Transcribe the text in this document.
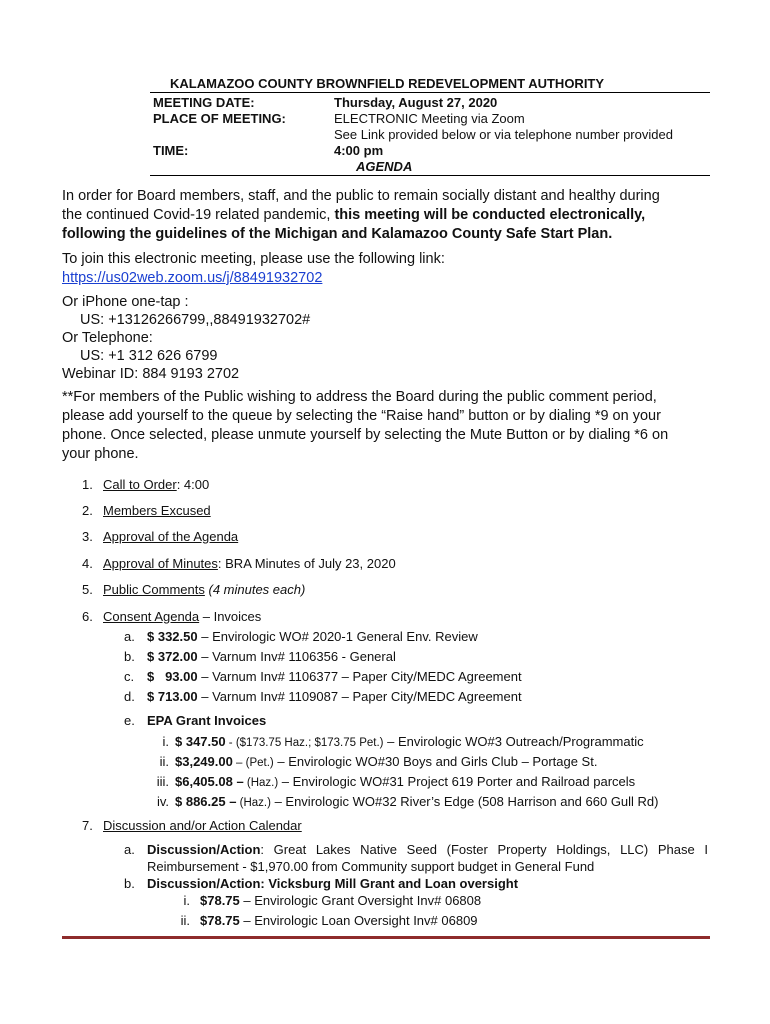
KALAMAZOO COUNTY BROWNFIELD REDEVELOPMENT AUTHORITY
MEETING DATE:	Thursday, August 27, 2020
PLACE OF MEETING:	ELECTRONIC Meeting via Zoom
See Link provided below or via telephone number provided
TIME:	4:00 pm
AGENDA
In order for Board members, staff, and the public to remain socially distant and healthy during
the continued Covid-19 related pandemic, this meeting will be conducted electronically,
following the guidelines of the Michigan and Kalamazoo County Safe Start Plan.
To join this electronic meeting, please use the following link:
https://us02web.zoom.us/j/88491932702
Or iPhone one-tap :
US: +13126266799,,88491932702#
Or Telephone:
US: +1 312 626 6799
Webinar ID: 884 9193 2702
**For members of the Public wishing to address the Board during the public comment period,
please add yourself to the queue by selecting the “Raise hand” button or by dialing *9 on your
phone. Once selected, please unmute yourself by selecting the Mute Button or by dialing *6 on
your phone.
1. Call to Order: 4:00
2. Members Excused
3. Approval of the Agenda
4. Approval of Minutes: BRA Minutes of July 23, 2020
5. Public Comments (4 minutes each)
6. Consent Agenda – Invoices
a. $ 332.50 – Envirologic WO# 2020-1 General Env. Review
b. $ 372.00 – Varnum Inv# 1106356 - General
c. $   93.00 – Varnum Inv# 1106377 – Paper City/MEDC Agreement
d. $ 713.00 – Varnum Inv# 1109087 – Paper City/MEDC Agreement
e. EPA Grant Invoices
i. $ 347.50 - ($173.75 Haz.; $173.75 Pet.) – Envirologic WO#3 Outreach/Programmatic
ii. $3,249.00 – (Pet.) – Envirologic WO#30 Boys and Girls Club – Portage St.
iii. $6,405.08 – (Haz.) – Envirologic WO#31 Project 619 Porter and Railroad parcels
iv. $ 886.25 – (Haz.) – Envirologic WO#32 River’s Edge (508 Harrison and 660 Gull Rd)
7. Discussion and/or Action Calendar
a. Discussion/Action: Great Lakes Native Seed (Foster Property Holdings, LLC) Phase I
Reimbursement - $1,970.00 from Community support budget in General Fund
b. Discussion/Action: Vicksburg Mill Grant and Loan oversight
i. $78.75 – Envirologic Grant Oversight Inv# 06808
ii. $78.75 – Envirologic Loan Oversight Inv# 06809
